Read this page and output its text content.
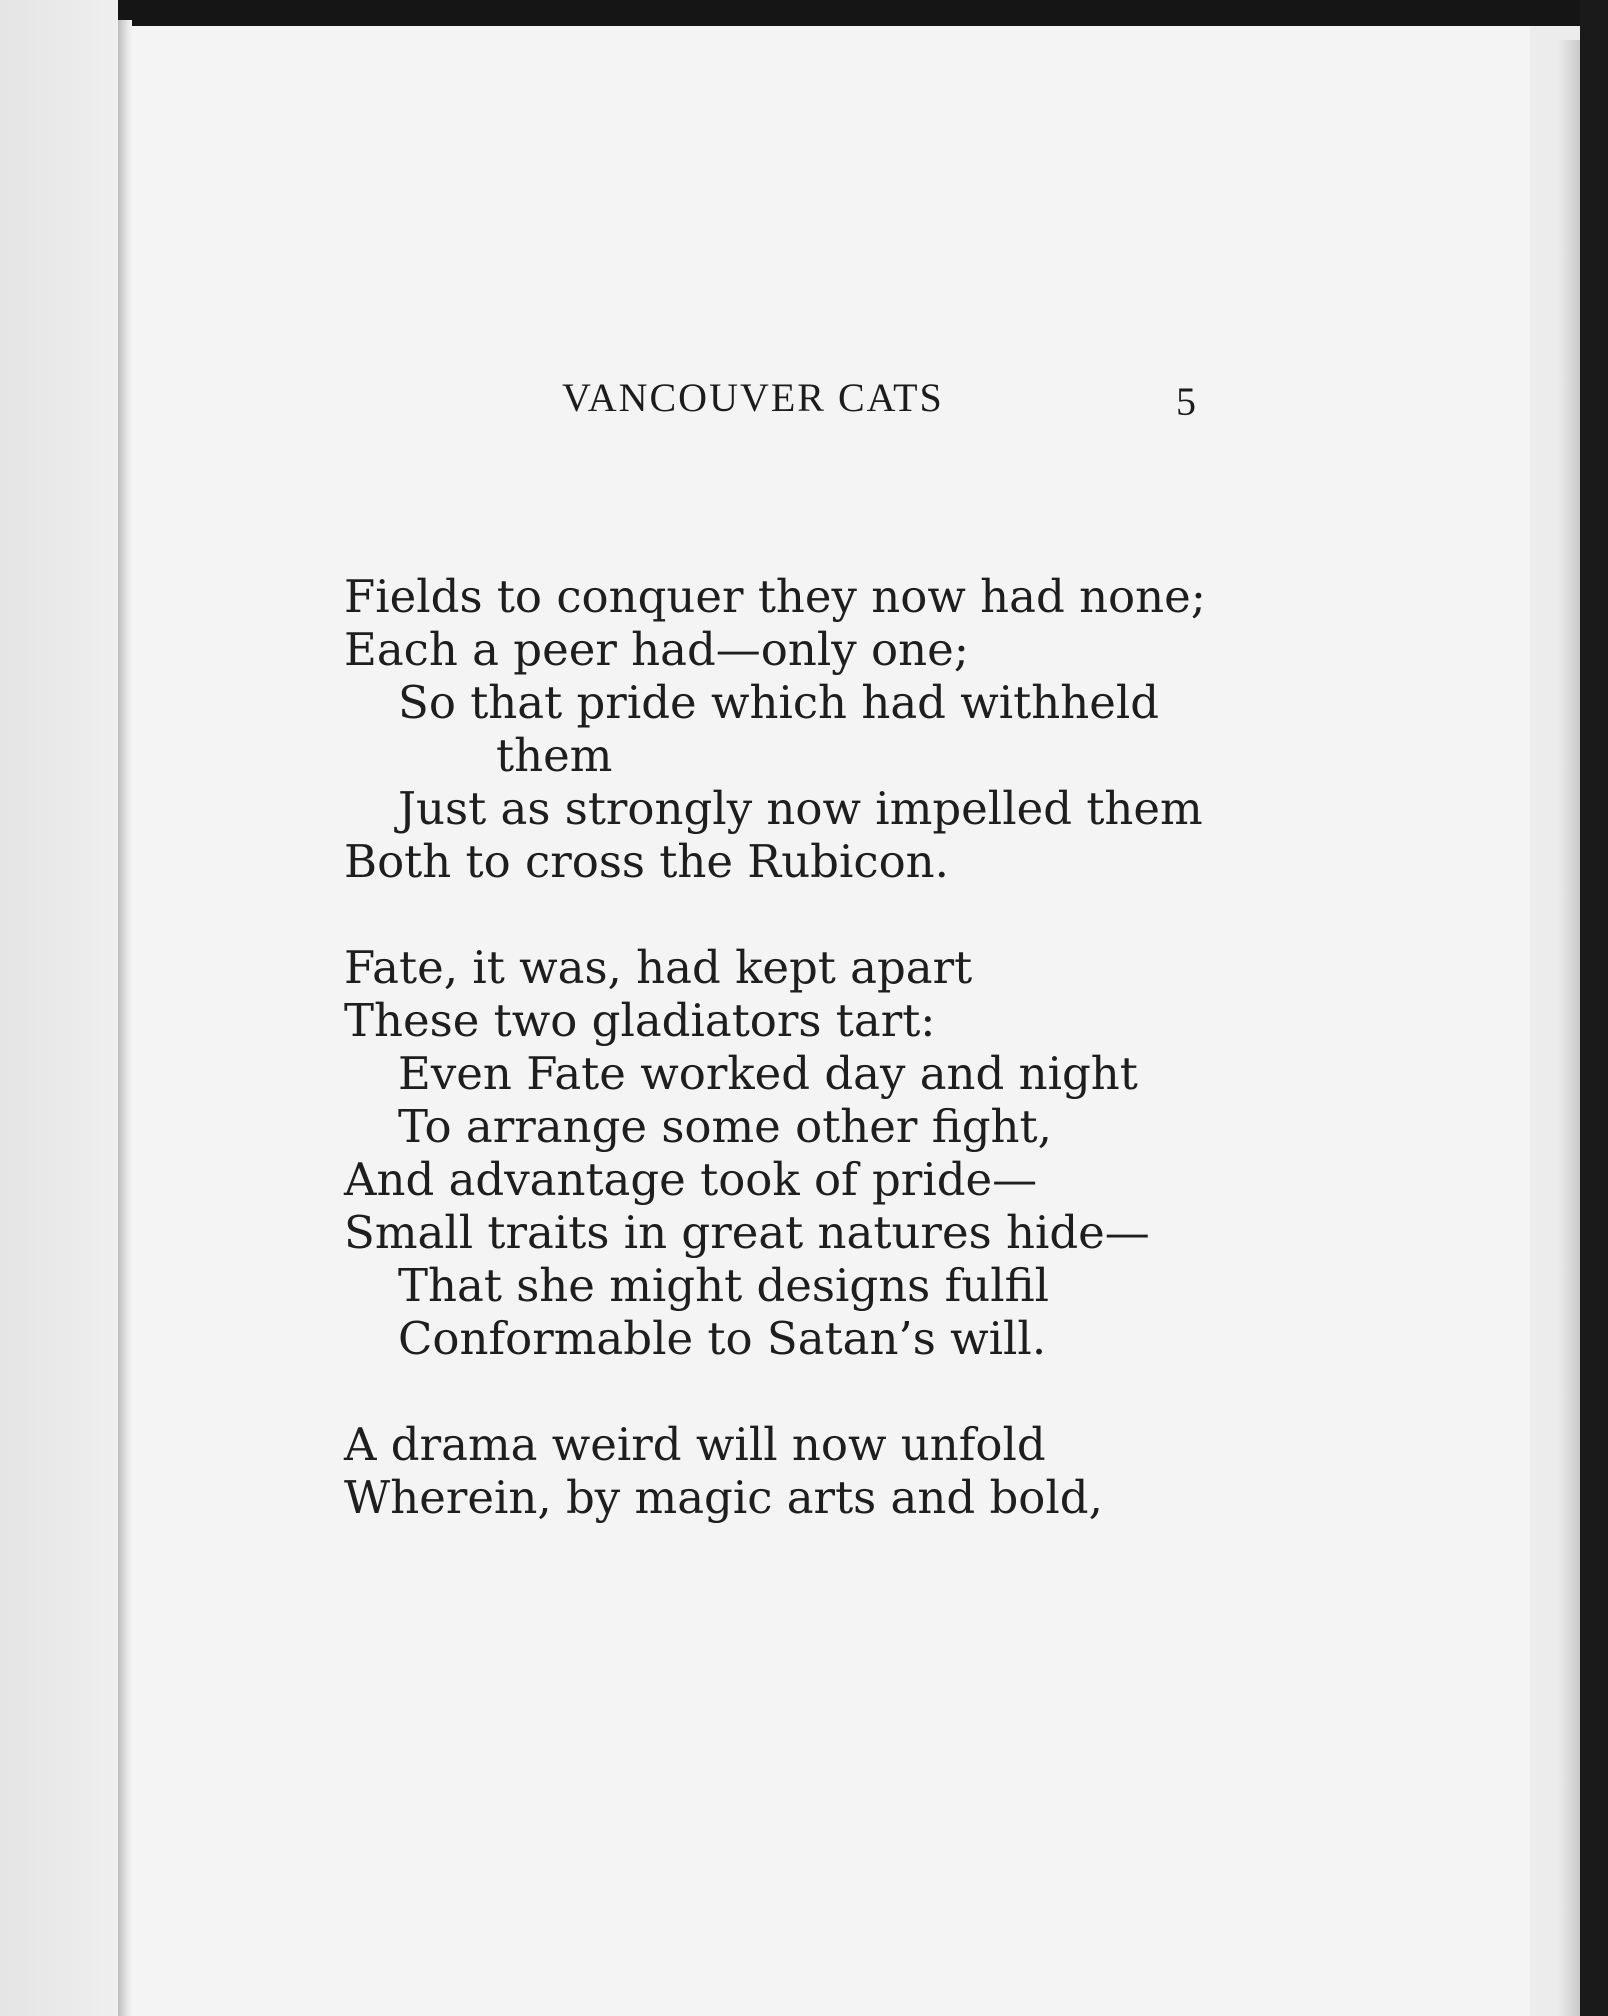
VANCOUVER CATS	5
Fields to conquer they now had none;
Each a peer had—only one;
So that pride which had withheld
them
Just as strongly now impelled them
Both to cross the Rubicon.
Fate, it was, had kept apart
These two gladiators tart:
Even Fate worked day and night
To arrange some other fight,
And advantage took of pride—
Small traits in great natures hide—
That she might designs fulfil
Conformable to Satan’s will.
A drama weird will now unfold
Wherein, by magic arts and bold,
